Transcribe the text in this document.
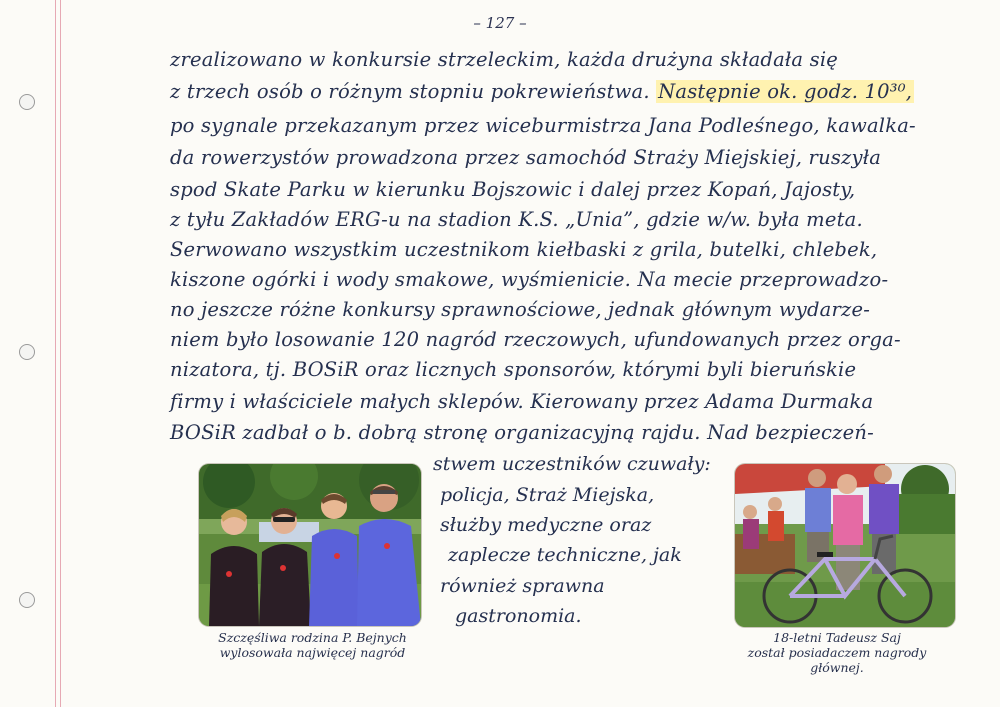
– 127 –
zrealizowano w konkursie strzeleckim, każda drużyna składała się
z trzech osób o różnym stopniu pokrewieństwa. Następnie ok. godz. 10³⁰,
po sygnale przekazanym przez wiceburmistrza Jana Podleśnego, kawalka-
da rowerzystów prowadzona przez samochód Straży Miejskiej, ruszyła
spod Skate Parku w kierunku Bojszowic i dalej przez Kopań, Jajosty,
z tyłu Zakładów ERG-u na stadion K.S. „Unia”, gdzie w/w. była meta.
Serwowano wszystkim uczestnikom kiełbaski z grila, butelki, chlebek,
kiszone ogórki i wody smakowe, wyśmienicie. Na mecie przeprowadzo-
no jeszcze różne konkursy sprawnościowe, jednak głównym wydarze-
niem było losowanie 120 nagród rzeczowych, ufundowanych przez orga-
nizatora, tj. BOSiR oraz licznych sponsorów, którymi byli bieruńskie
firmy i właściciele małych sklepów. Kierowany przez Adama Durmaka
BOSiR zadbał o b. dobrą stronę organizacyjną rajdu. Nad bezpieczeń-
stwem uczestników czuwały:
policja, Straż Miejska,
służby medyczne oraz
zaplecze techniczne, jak
również sprawna
gastronomia.
Szczęśliwa rodzina P. Bejnych
wylosowała najwięcej nagród
18-letni Tadeusz Saj
został posiadaczem nagrody
głównej.
